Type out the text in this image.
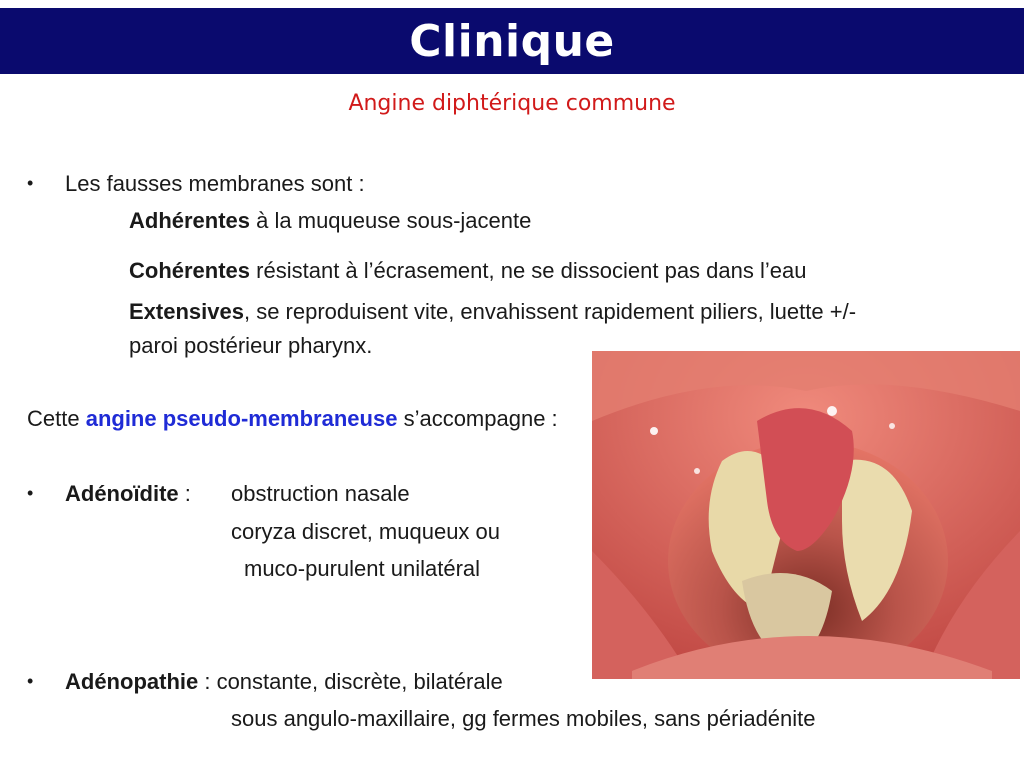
Clinique
Angine diphtérique commune
• Les fausses membranes sont :
Adhérentes à la muqueuse sous-jacente
Cohérentes résistant à l’écrasement, ne se dissocient pas dans l’eau
Extensives, se reproduisent vite, envahissent rapidement piliers, luette +/-
paroi postérieur pharynx.
Cette angine pseudo-membraneuse s’accompagne :
• Adénoïdite : obstruction nasale
coryza discret, muqueux ou
muco-purulent unilatéral
• Adénopathie : constante, discrète, bilatérale
sous angulo-maxillaire, gg fermes mobiles, sans périadénite
